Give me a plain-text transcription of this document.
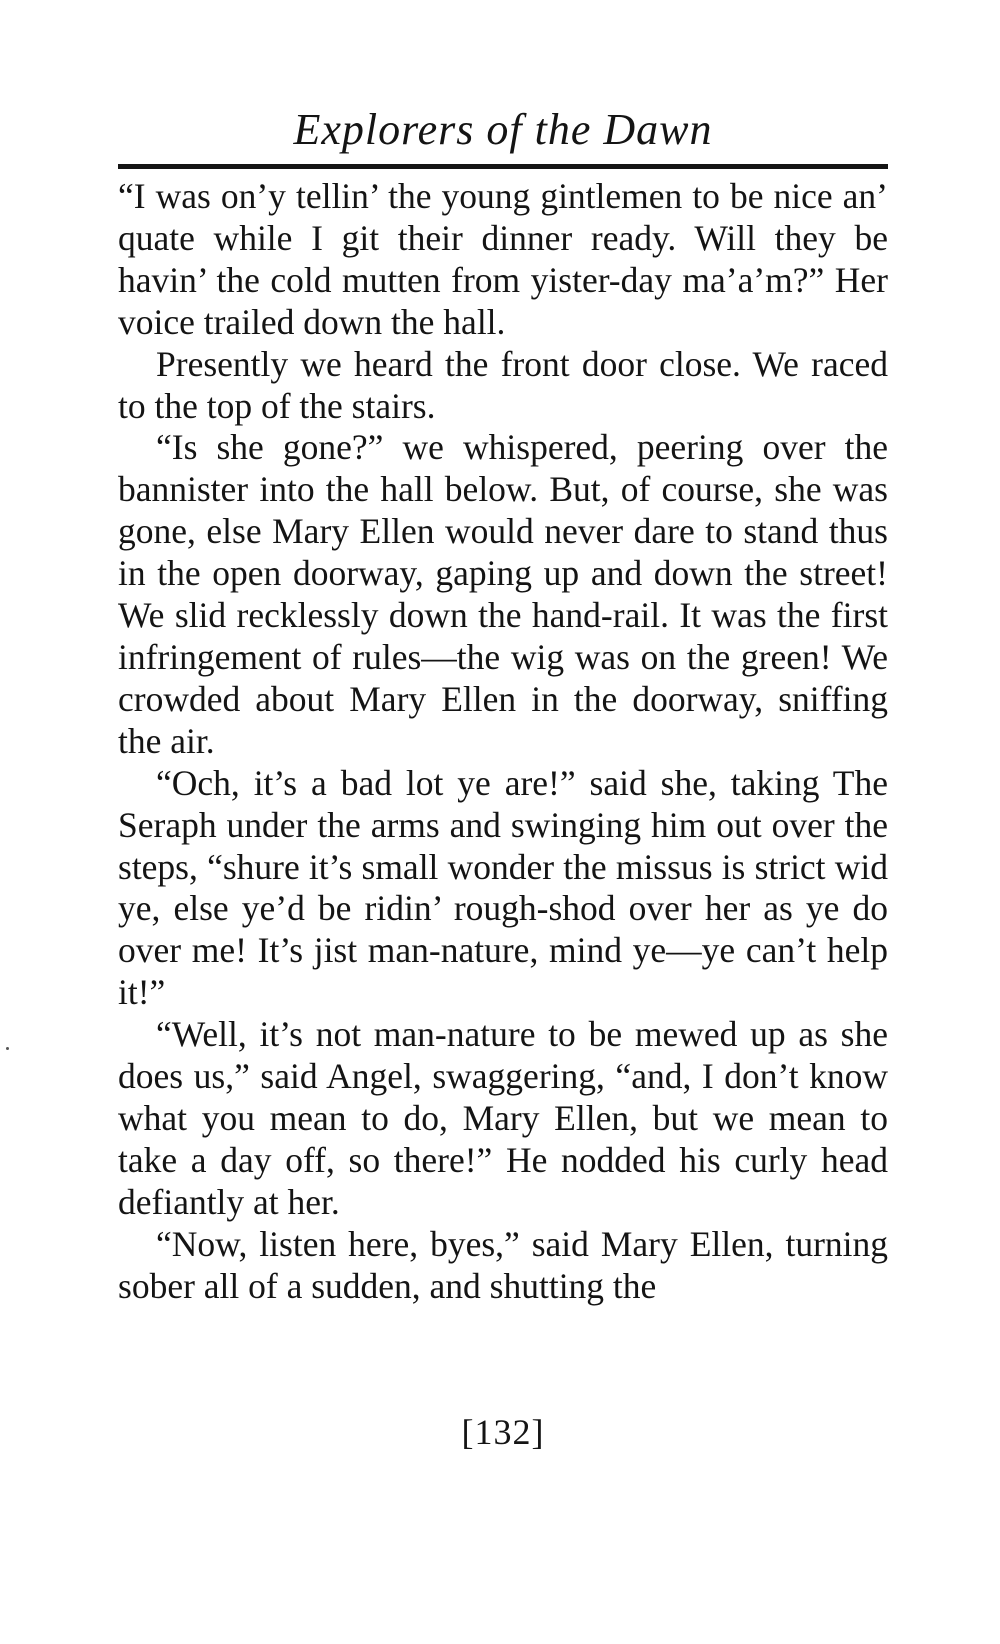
Explorers of the Dawn

“I was on’y tellin’ the young gintlemen to be nice an’ quate while I git their dinner ready. Will they be havin’ the cold mutten from yister-day ma’a’m?” Her voice trailed down the hall.

Presently we heard the front door close. We raced to the top of the stairs.

“Is she gone?” we whispered, peering over the bannister into the hall below. But, of course, she was gone, else Mary Ellen would never dare to stand thus in the open doorway, gaping up and down the street! We slid recklessly down the hand-rail. It was the first infringement of rules—the wig was on the green! We crowded about Mary Ellen in the doorway, sniffing the air.

“Och, it’s a bad lot ye are!” said she, taking The Seraph under the arms and swinging him out over the steps, “shure it’s small wonder the missus is strict wid ye, else ye’d be ridin’ rough-shod over her as ye do over me! It’s jist man-nature, mind ye—ye can’t help it!”

“Well, it’s not man-nature to be mewed up as she does us,” said Angel, swaggering, “and, I don’t know what you mean to do, Mary Ellen, but we mean to take a day off, so there!” He nodded his curly head defiantly at her.

“Now, listen here, byes,” said Mary Ellen, turning sober all of a sudden, and shutting the

[132]
